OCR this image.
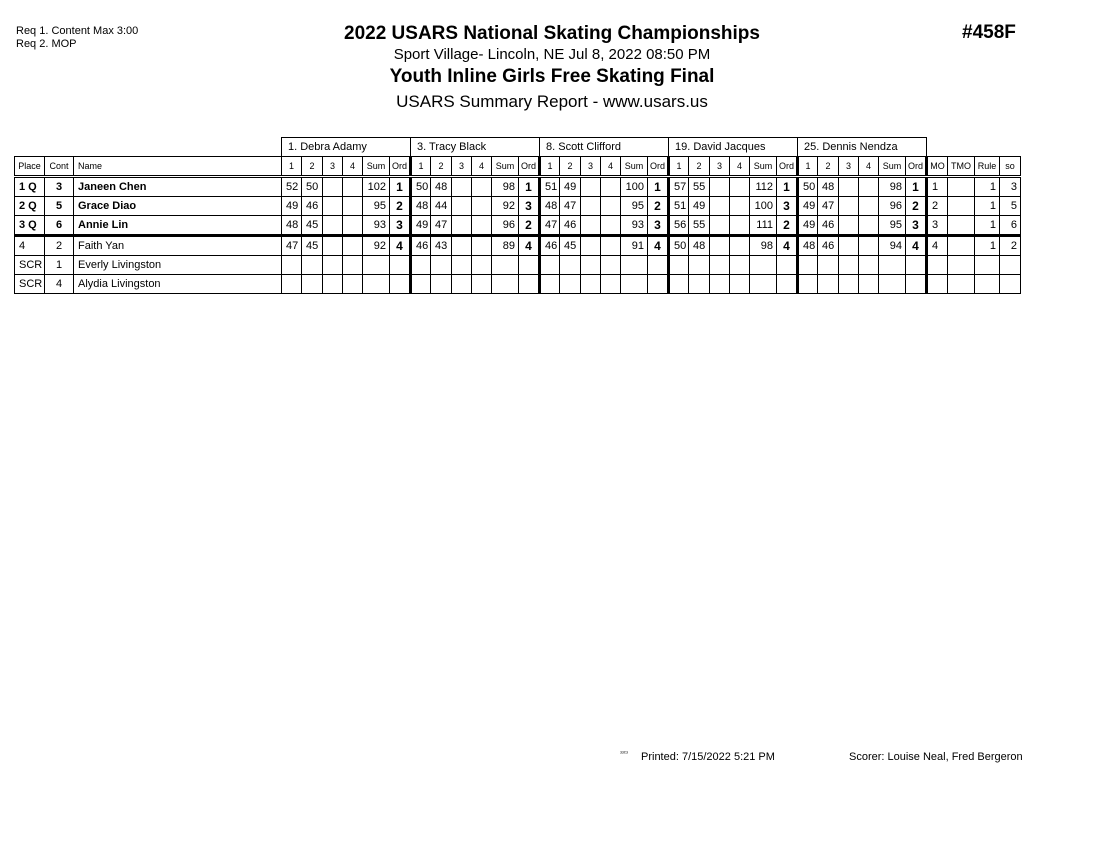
Req 1. Content Max 3:00
Req 2. MOP	2022 USARS National Skating Championships
Sport Village- Lincoln, NE Jul 8, 2022 08:50 PM
Youth Inline Girls Free Skating Final
USARS Summary Report - www.usars.us
#458F
			1. Debra Adamy						3. Tracy Black						8. Scott Clifford						19. David Jacques						25. Dennis Nendza									

Place	Cont	Name	1	2	3	4	Sum	Ord	1	2	3	4	Sum	Ord	1	2	3	4	Sum	Ord	1	2	3	4	Sum	Ord	1	2	3	4	Sum	Ord	MO	TMO	Rule	so
1 Q	3	Janeen Chen	52	50			102	1	50	48			98	1	51	49			100	1	57	55			112	1	50	48			98	1	1		1	3
2 Q	5	Grace Diao	49	46			95	2	48	44			92	3	48	47			95	2	51	49			100	3	49	47			96	2	2		1	5
3 Q	6	Annie Lin	48	45			93	3	49	47			96	2	47	46			93	3	56	55			111	2	49	46			95	3	3		1	6
4	2	Faith Yan	47	45			92	4	46	43			89	4	46	45			91	4	50	48			98	4	48	46			94	4	4		1	2
SCR	1	Everly Livingston																																		
SCR	4	Alydia Livingston																																		
ᵌᵌᶜᵌ Printed: 7/15/2022 5:21 PM	Scorer: Louise Neal, Fred Bergeron
